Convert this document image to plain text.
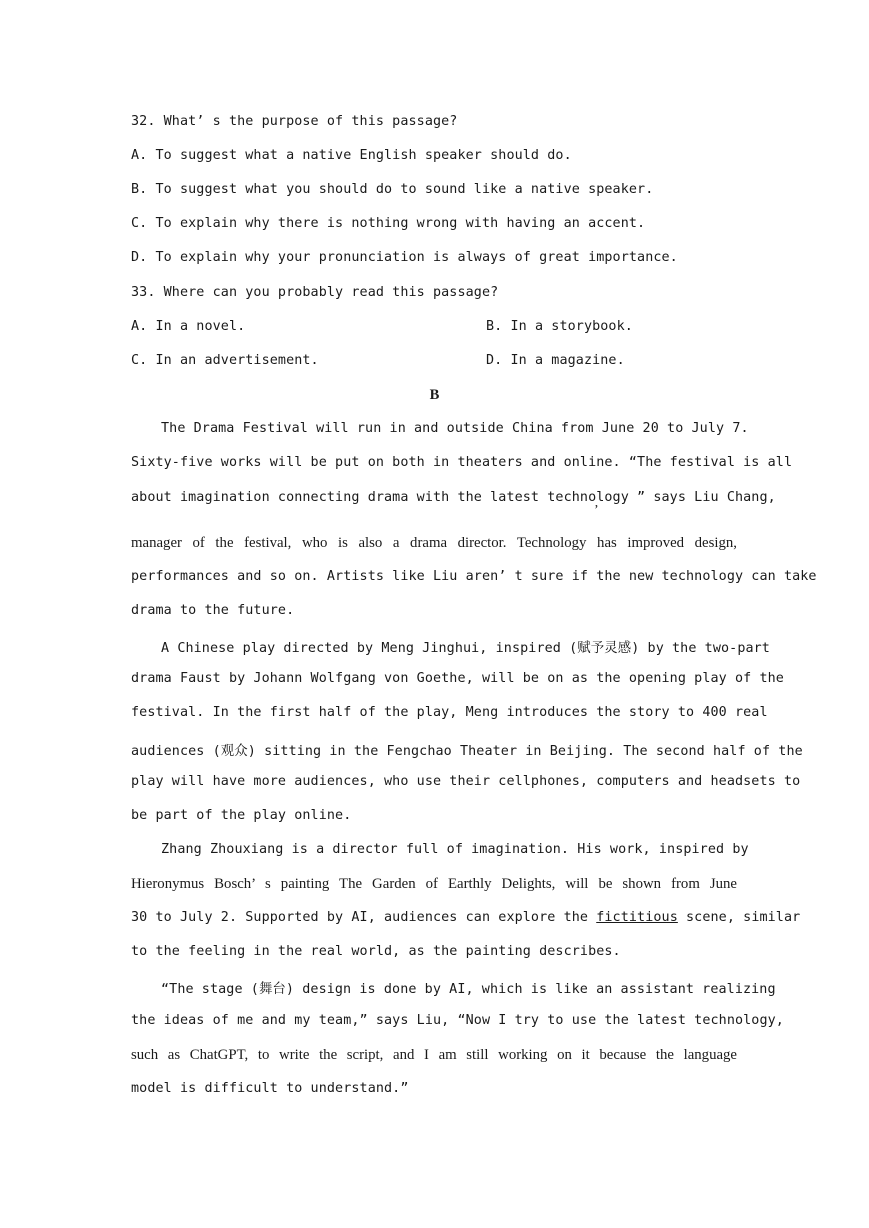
32. What’ s the purpose of this passage?
A. To suggest what a native English speaker should do.
B. To suggest what you should do to sound like a native speaker.
C. To explain why there is nothing wrong with having an accent.
D. To explain why your pronunciation is always of great importance.
33. Where can you probably read this passage?
A. In a novel.	B. In a storybook.
C. In an advertisement.	D. In a magazine.
B
The Drama Festival will run in and outside China from June 20 to July 7.
Sixty-five works will be put on both in theaters and online. “The festival is all
about imagination connecting drama with the latest technology ” says Liu Chang,
’
manager of the festival, who is also a drama director. Technology has improved design,
performances and so on. Artists like Liu aren’ t sure if the new technology can take
drama to the future.
A Chinese play directed by Meng Jinghui, inspired (赋予灵感) by the two-part
drama Faust by Johann Wolfgang von Goethe, will be on as the opening play of the
festival. In the first half of the play, Meng introduces the story to 400 real
audiences (观众) sitting in the Fengchao Theater in Beijing. The second half of the
play will have more audiences, who use their cellphones, computers and headsets to
be part of the play online.
Zhang Zhouxiang is a director full of imagination. His work, inspired by
Hieronymus Bosch’ s painting The Garden of Earthly Delights, will be shown from June
30 to July 2. Supported by AI, audiences can explore the fictitious scene, similar
to the feeling in the real world, as the painting describes.
“The stage (舞台) design is done by AI, which is like an assistant realizing
the ideas of me and my team,” says Liu, “Now I try to use the latest technology,
such as ChatGPT, to write the script, and I am still working on it because the language
model is difficult to understand.”
